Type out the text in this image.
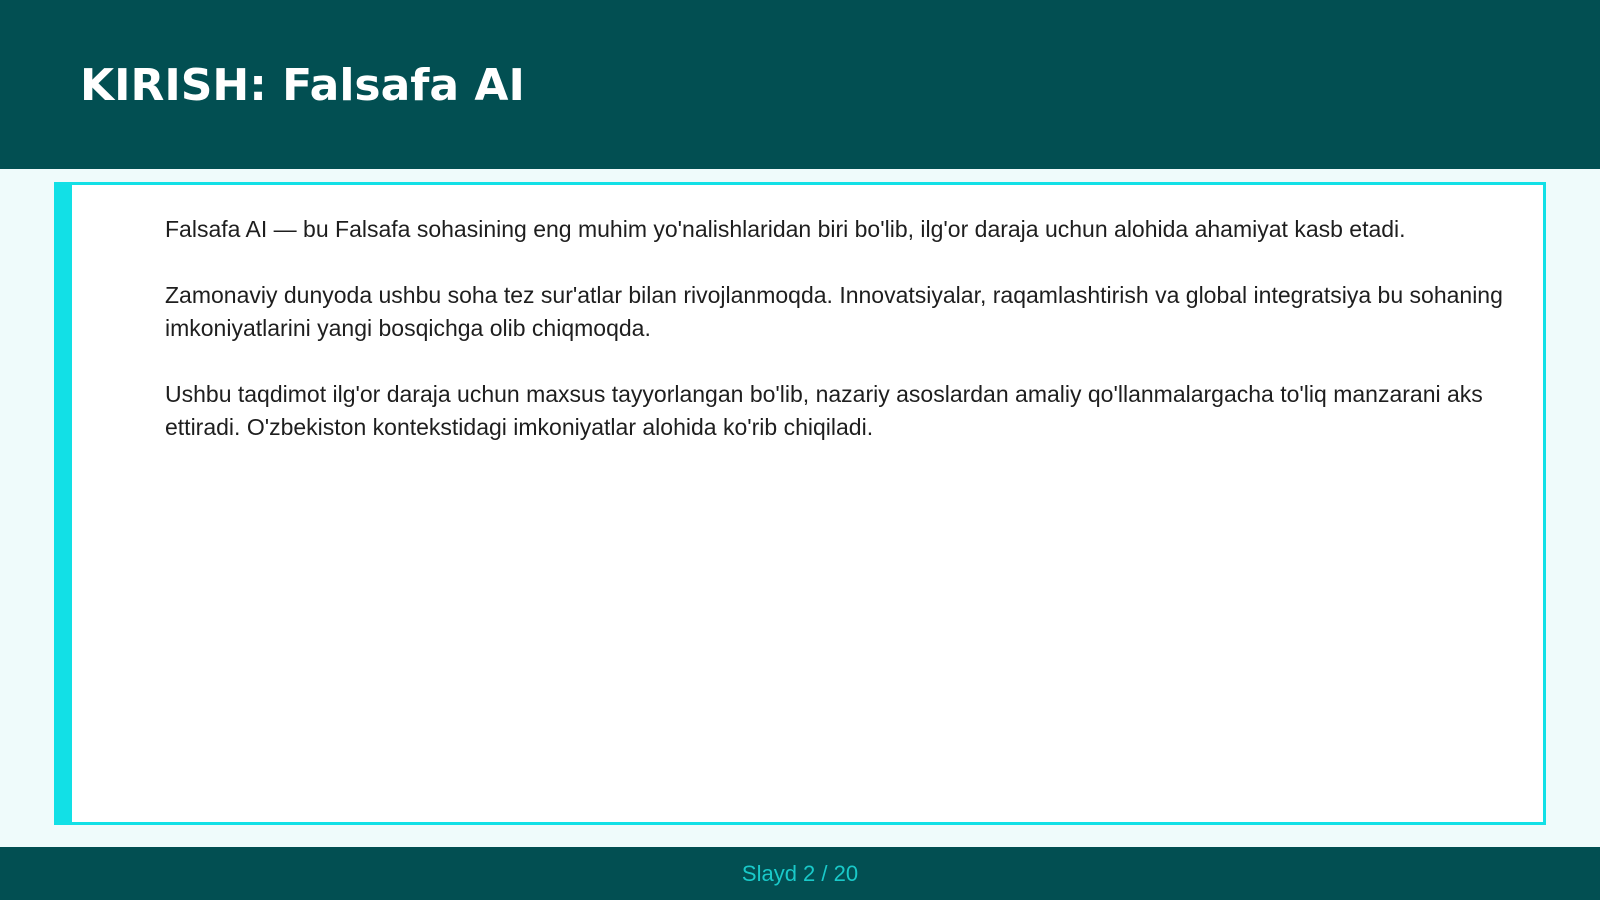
KIRISH: Falsafa AI

Falsafa AI — bu Falsafa sohasining eng muhim yo'nalishlaridan biri bo'lib, ilg'or daraja uchun alohida ahamiyat kasb etadi.

Zamonaviy dunyoda ushbu soha tez sur'atlar bilan rivojlanmoqda. Innovatsiyalar, raqamlashtirish va global integratsiya bu sohaning imkoniyatlarini yangi bosqichga olib chiqmoqda.

Ushbu taqdimot ilg'or daraja uchun maxsus tayyorlangan bo'lib, nazariy asoslardan amaliy qo'llanmalargacha to'liq manzarani aks ettiradi. O'zbekiston kontekstidagi imkoniyatlar alohida ko'rib chiqiladi.

Slayd 2 / 20
